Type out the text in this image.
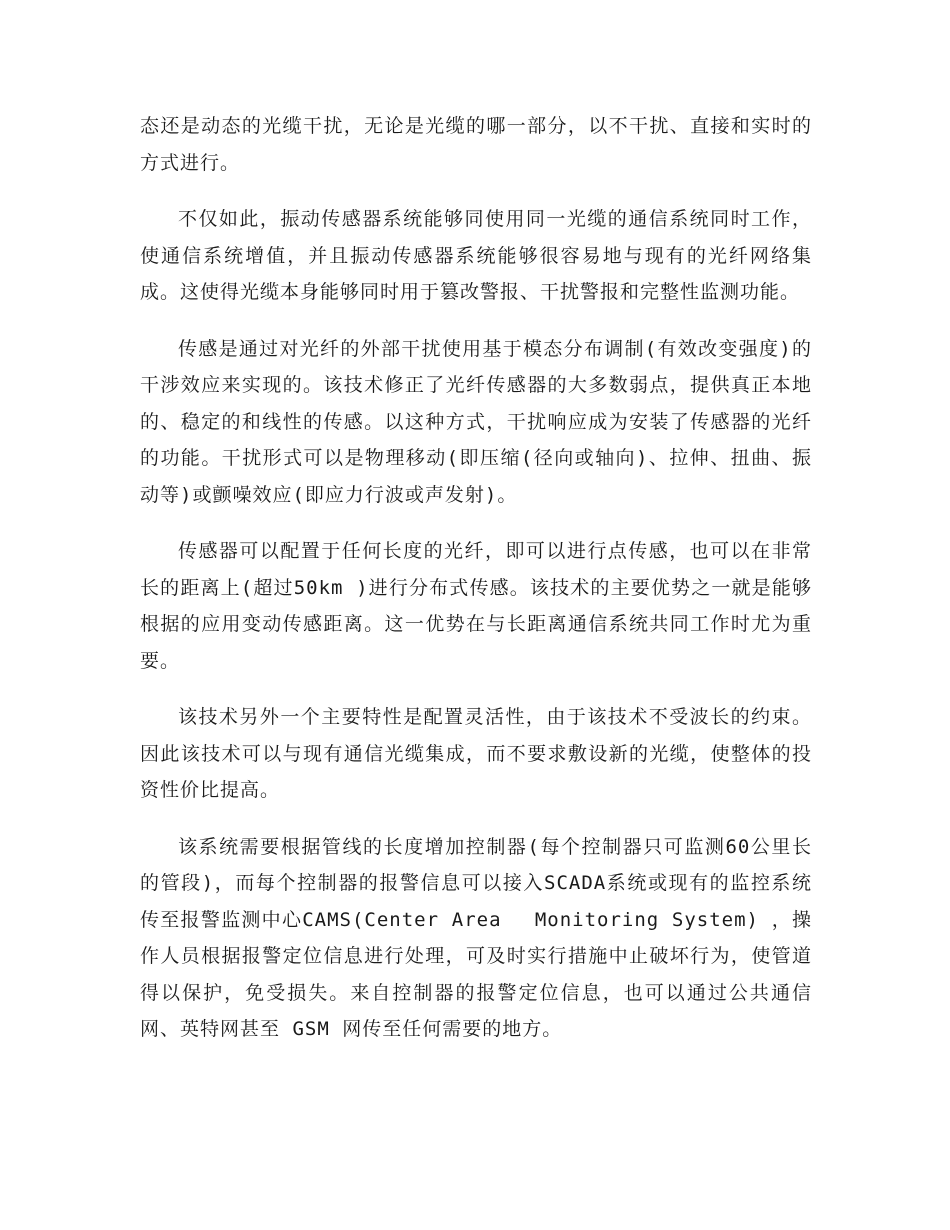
态还是动态的光缆干扰，无论是光缆的哪一部分，以不干扰、直接和实时的方式进行。

不仅如此，振动传感器系统能够同使用同一光缆的通信系统同时工作，使通信系统增值，并且振动传感器系统能够很容易地与现有的光纤网络集成。这使得光缆本身能够同时用于篡改警报、干扰警报和完整性监测功能。

传感是通过对光纤的外部干扰使用基于模态分布调制(有效改变强度)的干涉效应来实现的。该技术修正了光纤传感器的大多数弱点，提供真正本地的、稳定的和线性的传感。以这种方式，干扰响应成为安装了传感器的光纤的功能。干扰形式可以是物理移动(即压缩(径向或轴向)、拉伸、扭曲、振动等)或颤噪效应(即应力行波或声发射)。

传感器可以配置于任何长度的光纤，即可以进行点传感，也可以在非常长的距离上(超过50km )进行分布式传感。该技术的主要优势之一就是能够根据的应用变动传感距离。这一优势在与长距离通信系统共同工作时尤为重要。

该技术另外一个主要特性是配置灵活性，由于该技术不受波长的约束。因此该技术可以与现有通信光缆集成，而不要求敷设新的光缆，使整体的投资性价比提高。

该系统需要根据管线的长度增加控制器(每个控制器只可监测60公里长的管段)，而每个控制器的报警信息可以接入SCADA系统或现有的监控系统传至报警监测中心CAMS(Center Area　 Monitoring System) ，操作人员根据报警定位信息进行处理，可及时实行措施中止破坏行为，使管道得以保护，免受损失。来自控制器的报警定位信息，也可以通过公共通信网、英特网甚至 GSM 网传至任何需要的地方。
